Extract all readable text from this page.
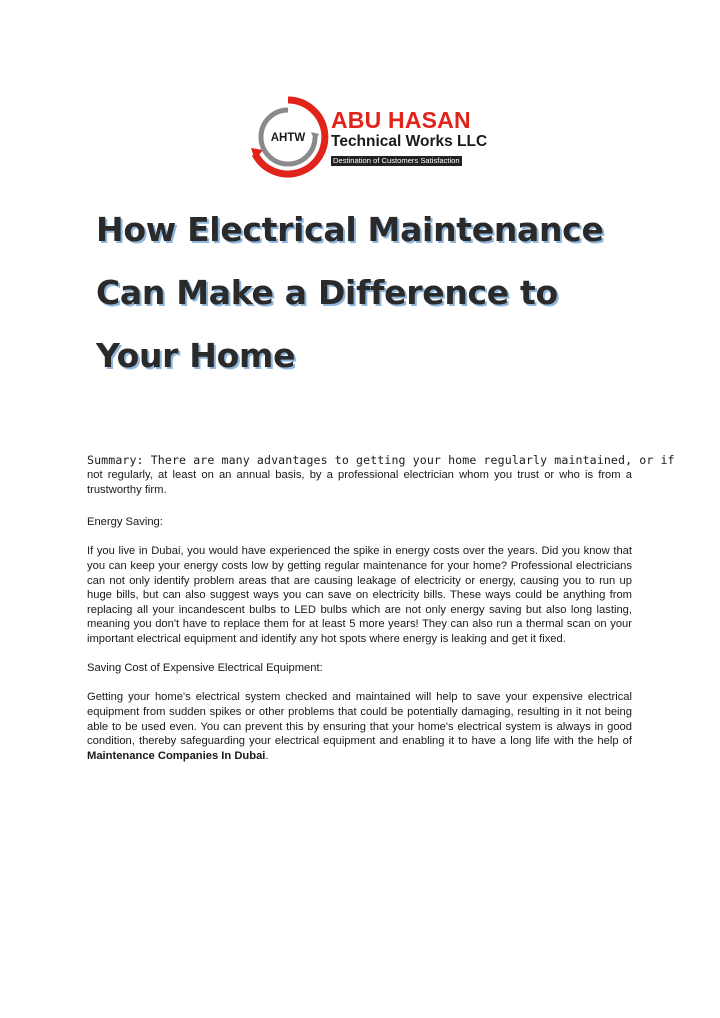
AHTW
ABU HASAN
Technical Works LLC
Destination of Customers Satisfaction
How Electrical Maintenance
Can Make a Difference to
Your Home

Summary: There are many advantages to getting your home regularly maintained, or if
not regularly, at least on an annual basis, by a professional electrician whom you trust or who is from a trustworthy firm.

Energy Saving:

If you live in Dubai, you would have experienced the spike in energy costs over the years. Did you know that you can keep your energy costs low by getting regular maintenance for your home? Professional electricians can not only identify problem areas that are causing leakage of electricity or energy, causing you to run up huge bills, but can also suggest ways you can save on electricity bills. These ways could be anything from replacing all your incandescent bulbs to LED bulbs which are not only energy saving but also long lasting, meaning you don't have to replace them for at least 5 more years! They can also run a thermal scan on your important electrical equipment and identify any hot spots where energy is leaking and get it fixed.

Saving Cost of Expensive Electrical Equipment:

Getting your home's electrical system checked and maintained will help to save your expensive electrical equipment from sudden spikes or other problems that could be potentially damaging, resulting in it not being able to be used even. You can prevent this by ensuring that your home's electrical system is always in good condition, thereby safeguarding your electrical equipment and enabling it to have a long life with the help of Maintenance Companies In Dubai.
